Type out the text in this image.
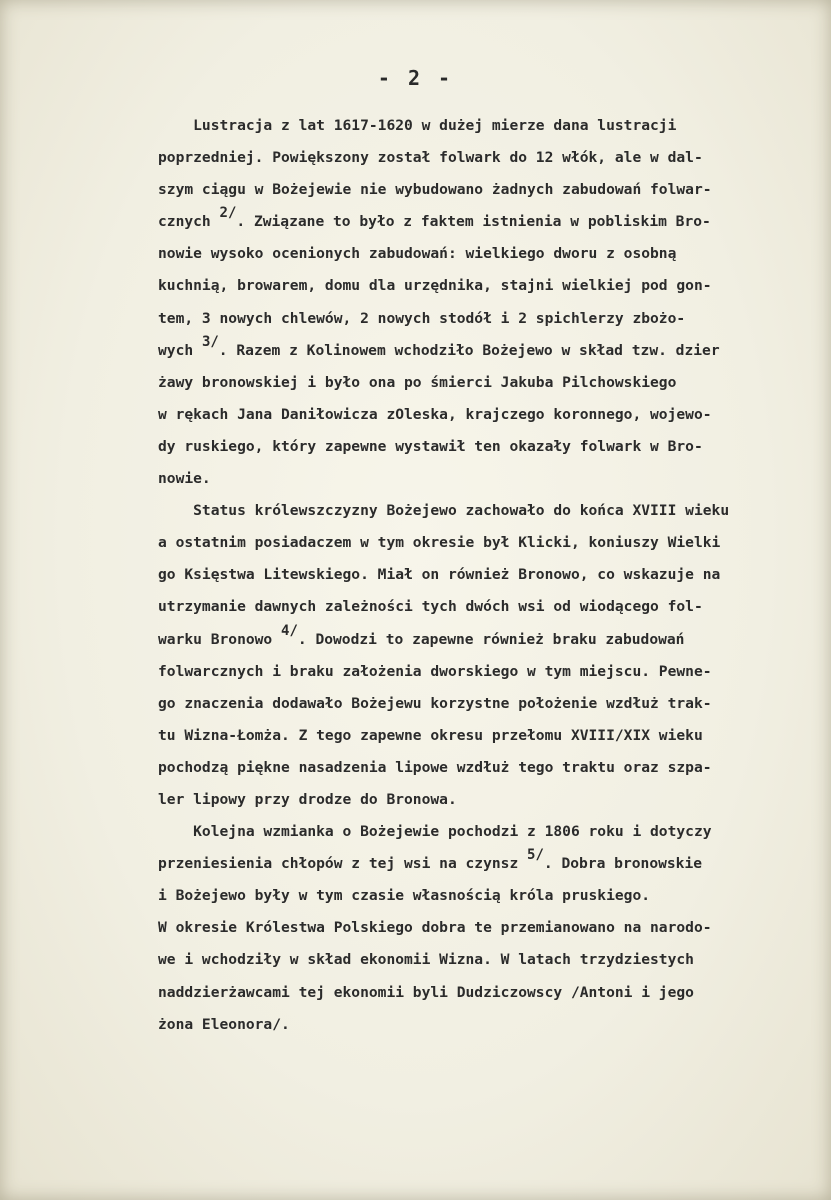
- 2 -
Lustracja z lat 1617-1620 w dużej mierze dana lustracji
poprzedniej. Powiększony został folwark do 12 włók, ale w dal-
szym ciągu w Bożejewie nie wybudowano żadnych zabudowań folwar-
cznych $^{2/}$. Związane to było z faktem istnienia w pobliskim Bro-
nowie wysoko ocenionych zabudowań: wielkiego dworu z osobną
kuchnią, browarem, domu dla urzędnika, stajni wielkiej pod gon-
tem, 3 nowych chlewów, 2 nowych stodół i 2 spichlerzy zbożo-
wych $^{3/}$. Razem z Kolinowem wchodziło Bożejewo w skład tzw. dzier
żawy bronowskiej i było ona po śmierci Jakuba Pilchowskiego
w rękach Jana Daniłowicza zOleska, krajczego koronnego, wojewo-
dy ruskiego, który zapewne wystawił ten okazały folwark w Bro-
nowie.
Status królewszczyzny Bożejewo zachowało do końca XVIII wieku
a ostatnim posiadaczem w tym okresie był Klicki, koniuszy Wielki
go Księstwa Litewskiego. Miał on również Bronowo, co wskazuje na
utrzymanie dawnych zależności tych dwóch wsi od wiodącego fol-
warku Bronowo $^{4/}$. Dowodzi to zapewne również braku zabudowań
folwarcznych i braku założenia dworskiego w tym miejscu. Pewne-
go znaczenia dodawało Bożejewu korzystne położenie wzdłuż trak-
tu Wizna-Łomża. Z tego zapewne okresu przełomu XVIII/XIX wieku
pochodzą piękne nasadzenia lipowe wzdłuż tego traktu oraz szpa-
ler lipowy przy drodze do Bronowa.
Kolejna wzmianka o Bożejewie pochodzi z 1806 roku i dotyczy
przeniesienia chłopów z tej wsi na czynsz $^{5/}$. Dobra bronowskie
i Bożejewo były w tym czasie własnością króla pruskiego.
W okresie Królestwa Polskiego dobra te przemianowano na narodo-
we i wchodziły w skład ekonomii Wizna. W latach trzydziestych
naddzierżawcami tej ekonomii byli Dudziczowscy /Antoni i jego
żona Eleonora/.
